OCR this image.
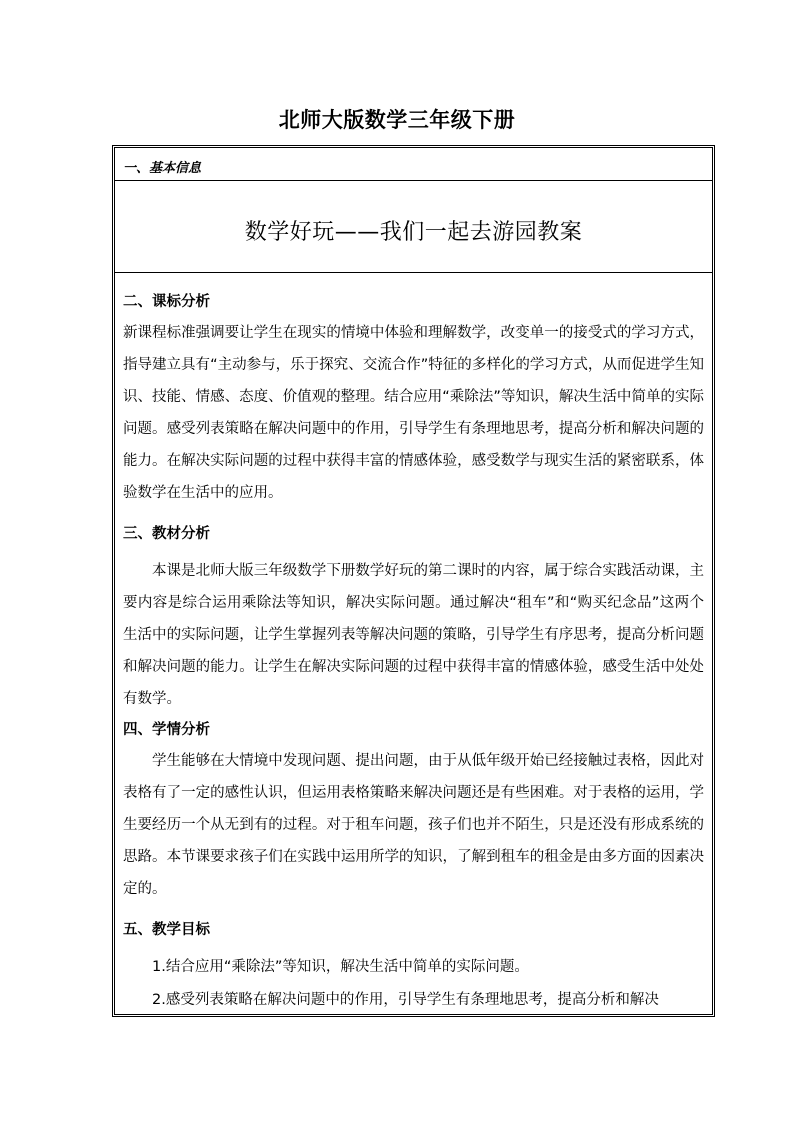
北师大版数学三年级下册
一、基本信息
数学好玩——我们一起去游园教案

二、课标分析

新课程标准强调要让学生在现实的情境中体验和理解数学，改变单一的接受式的学习方式，指导建立具有“主动参与，乐于探究、交流合作”特征的多样化的学习方式，从而促进学生知识、技能、情感、态度、价值观的整理。结合应用“乘除法”等知识，解决生活中简单的实际问题。感受列表策略在解决问题中的作用，引导学生有条理地思考，提高分析和解决问题的能力。在解决实际问题的过程中获得丰富的情感体验，感受数学与现实生活的紧密联系，体验数学在生活中的应用。

三、教材分析

本课是北师大版三年级数学下册数学好玩的第二课时的内容，属于综合实践活动课，主要内容是综合运用乘除法等知识，解决实际问题。通过解决“租车”和“购买纪念品”这两个生活中的实际问题，让学生掌握列表等解决问题的策略，引导学生有序思考，提高分析问题和解决问题的能力。让学生在解决实际问题的过程中获得丰富的情感体验，感受生活中处处有数学。

四、学情分析

学生能够在大情境中发现问题、提出问题，由于从低年级开始已经接触过表格，因此对表格有了一定的感性认识，但运用表格策略来解决问题还是有些困难。对于表格的运用，学生要经历一个从无到有的过程。对于租车问题，孩子们也并不陌生，只是还没有形成系统的思路。本节课要求孩子们在实践中运用所学的知识，了解到租车的租金是由多方面的因素决定的。

五、教学目标

1.结合应用“乘除法”等知识，解决生活中简单的实际问题。

2.感受列表策略在解决问题中的作用，引导学生有条理地思考，提高分析和解决
